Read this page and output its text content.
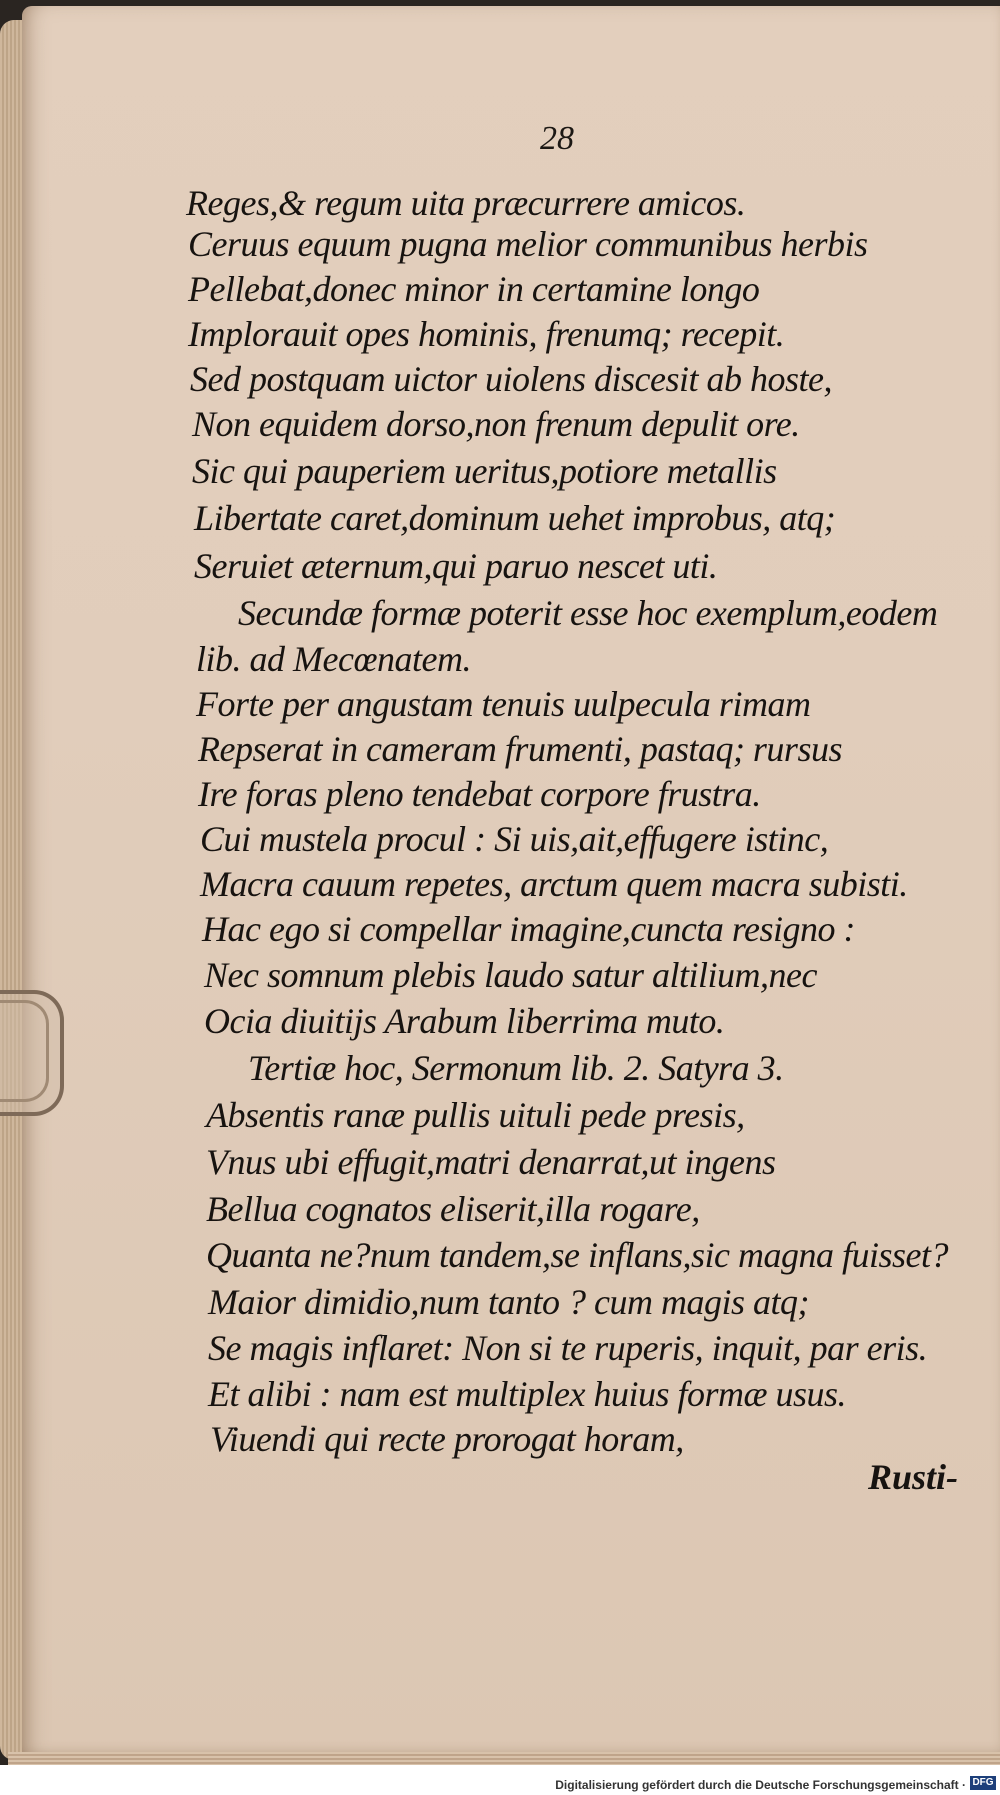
28
Reges,& regum uita præcurrere amicos.
Ceruus equum pugna melior communibus herbis
Pellebat,donec minor in certamine longo
Implorauit opes hominis, frenumq; recepit.
Sed postquam uictor uiolens discesit ab hoste,
Non equidem dorso,non frenum depulit ore.
Sic qui pauperiem ueritus,potiore metallis
Libertate caret,dominum uehet improbus, atq;
Seruiet æternum,qui paruo nescet uti.
Secundæ formæ poterit esse hoc exemplum,eodem
lib. ad Mecœnatem.
Forte per angustam tenuis uulpecula rimam
Repserat in cameram frumenti, pastaq; rursus
Ire foras pleno tendebat corpore frustra.
Cui mustela procul : Si uis,ait,effugere istinc,
Macra cauum repetes, arctum quem macra subisti.
Hac ego si compellar imagine,cuncta resigno :
Nec somnum plebis laudo satur altilium,nec
Ocia diuitijs Arabum liberrima muto.
Tertiæ hoc, Sermonum lib. 2. Satyra 3.
Absentis ranæ pullis uituli pede presis,
Vnus ubi effugit,matri denarrat,ut ingens
Bellua cognatos eliserit,illa rogare,
Quanta ne?num tandem,se inflans,sic magna fuisset?
Maior dimidio,num tanto ? cum magis atq;
Se magis inflaret: Non si te ruperis, inquit, par eris.
Et alibi : nam est multiplex huius formæ usus.
Viuendi qui recte prorogat horam,
Rusti-
Digitalisierung gefördert durch die Deutsche Forschungsgemeinschaft · DFG
